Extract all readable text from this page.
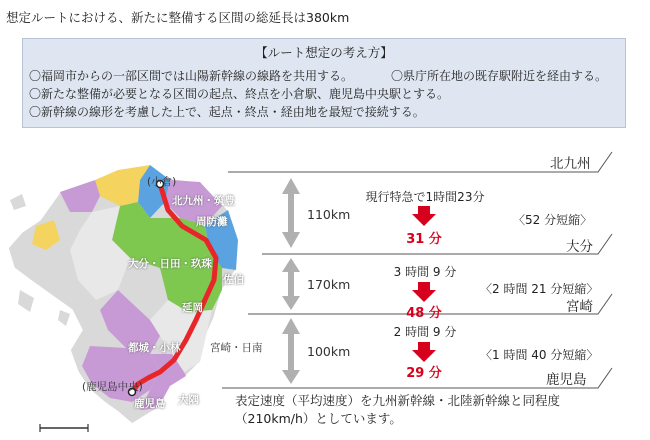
想定ルートにおける、新たに整備する区間の総延長は380km
【ルート想定の考え方】
〇福岡市からの一部区間では山陽新幹線の線路を共用する。	〇県庁所在地の既存駅附近を経由する。
〇新たな整備が必要となる区間の起点、終点を小倉駅、鹿児島中央駅とする。
〇新幹線の線形を考慮した上で、起点・終点・経由地を最短で接続する。
(小倉)
北九州・筑豊
周防灘
大分・日田・玖珠
佐伯
延岡
都城・小林	宮崎・日南
(鹿児島中央)
鹿児島 大隅
北九州
大分
宮崎
鹿児島
110km
170km
100km
現行特急で1時間23分
3 時間 9 分
2 時間 9 分
31 分
48 分
29 分
〈52 分短縮〉
〈2 時間 21 分短縮〉
〈1 時間 40 分短縮〉
表定速度（平均速度）を九州新幹線・北陸新幹線と同程度
（210km/h）としています。
